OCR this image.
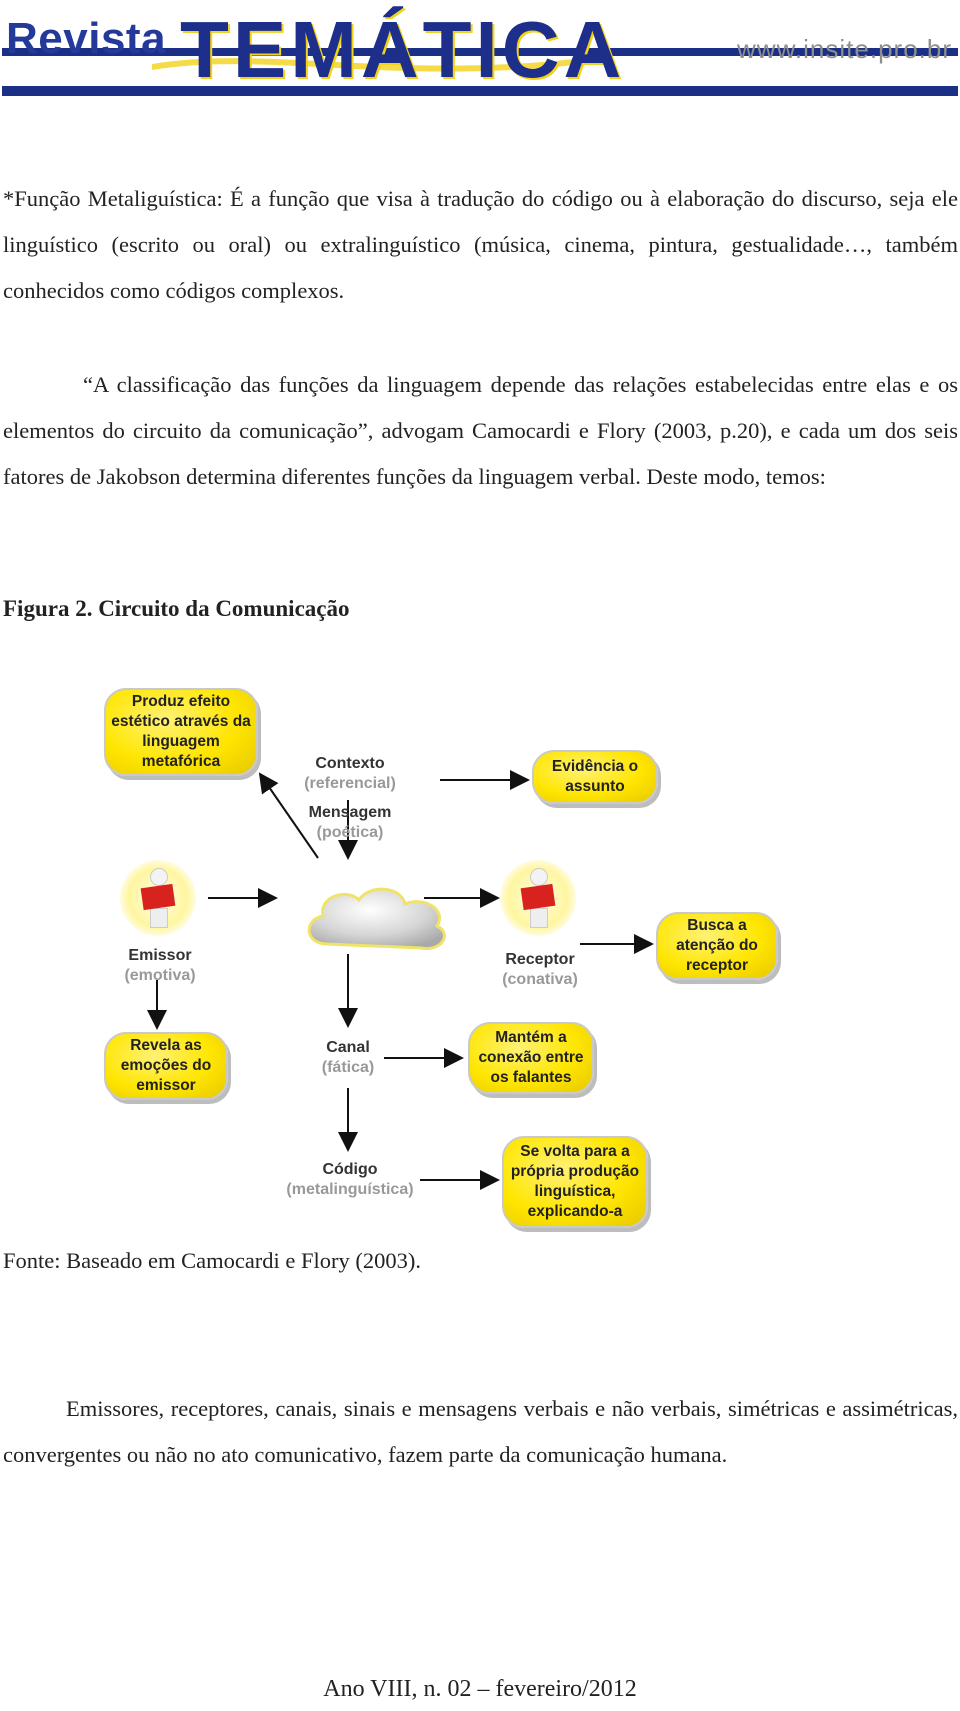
Revista TEMÁTICA	www.insite.pro.br
*Função Metaliguística: É a função que visa à tradução do código ou à elaboração do discurso, seja ele linguístico (escrito ou oral) ou extralinguístico (música, cinema, pintura, gestualidade…, também conhecidos como códigos complexos.
“A classificação das funções da linguagem depende das relações estabelecidas entre elas e os elementos do circuito da comunicação”, advogam Camocardi e Flory (2003, p.20), e cada um dos seis fatores de Jakobson determina diferentes funções da linguagem verbal. Deste modo, temos:
Figura 2. Circuito da Comunicação
Produz efeito estético através da linguagem metafórica	Evidência o assunto
Busca a atenção do receptor
Revela as emoções do emissor
Mantém a conexão entre os falantes
Se volta para a própria produção linguística, explicando-a
Contexto
(referencial)
Mensagem
(poética)
Emissor
(emotiva)
Receptor
(conativa)
Canal
(fática)
Código
(metalinguística)
Fonte: Baseado em Camocardi e Flory (2003).
Emissores, receptores, canais, sinais e mensagens verbais e não verbais, simétricas e assimétricas, convergentes ou não no ato comunicativo, fazem parte da comunicação humana.
Ano VIII, n. 02 – fevereiro/2012
